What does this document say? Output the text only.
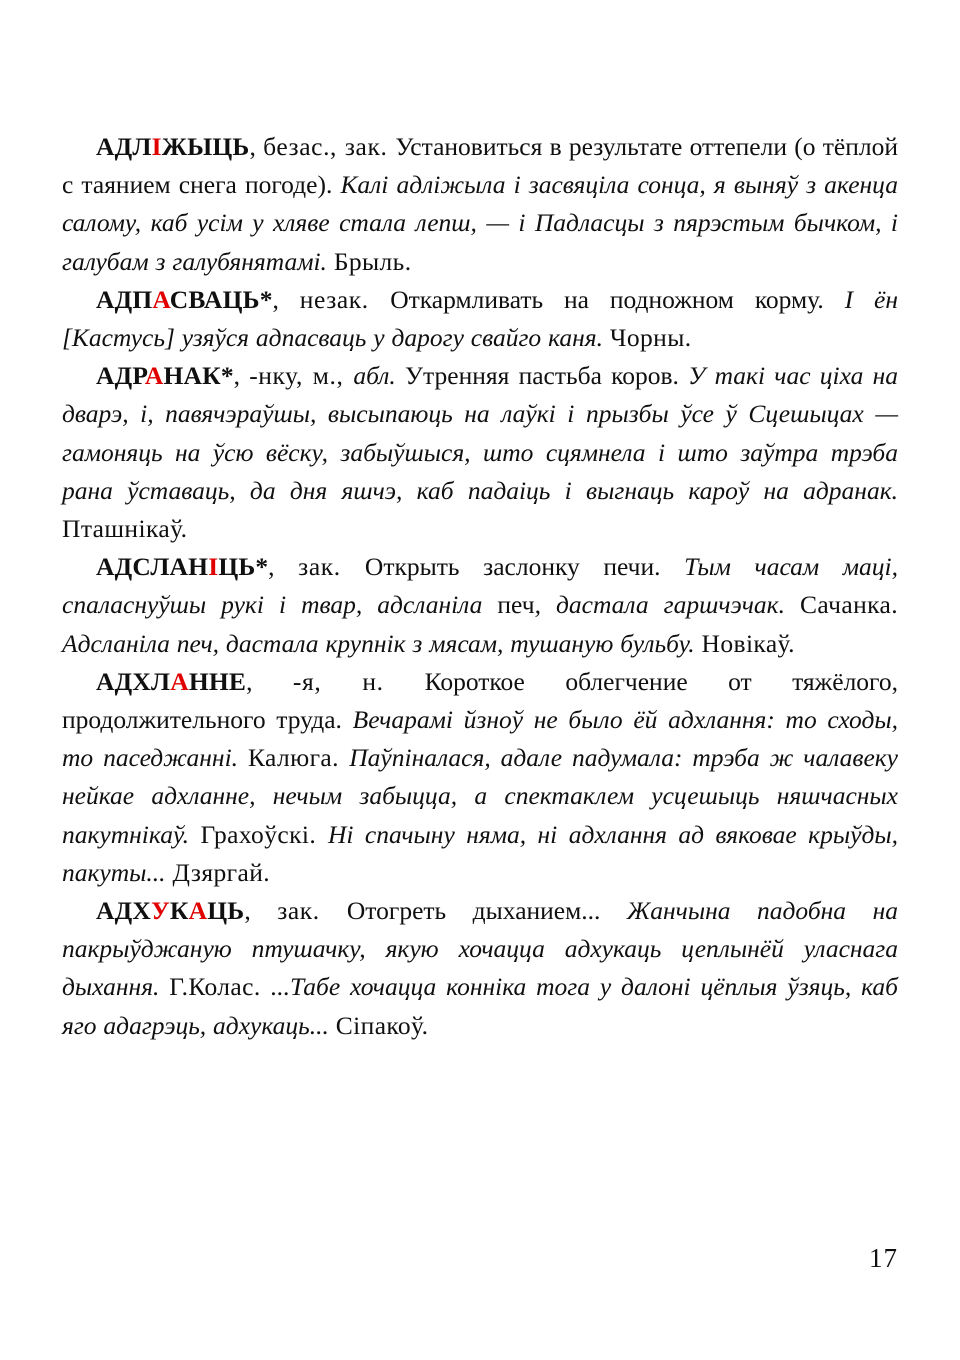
АДЛІЖЫЦЬ, безас., зак. Установиться в результате оттепели (о тёплой с таянием снега погоде). Калі адліжыла і засвяціла сонца, я выняў з акенца саломy, каб усім у хляве стала лепш, — і Падласцы з пярэстым бычком, і галубам з галубянятамі. Брыль.

АДПАСВАЦЬ*, незак. Откармливать на подножном корму. І ён [Кастусь] узяўся адпасваць у дарогу свайго каня. Чорны.

АДРАНАК*, -нку, м., абл. Утренняя пастьба коров. У такі час ціха на дварэ, і, павячэраўшы, высыпаюць на лаўкі і прызбы ўсе ў Сцешыцах — гамоняць на ўсю вёску, забыўшыся, што сцямнела і што заўтра трэба рана ўставаць, да дня яшчэ, каб падаіць і выгнаць кароў на адранак. Пташнікаў.

АДСЛАНІЦЬ*, зак. Открыть заслонку печи. Тым часам маці, спаласнуўшы рукі і твар, адсланіла печ, дастала гаршчэчак. Сачанка. Адсланіла печ, дастала крупнік з мясам, тушаную бульбу. Новікаў.

АДХЛАННЕ, -я, н. Короткое облегчение от тяжёлого, продолжительного труда. Вечарамі йзноў не было ёй адхлання: то сходы, то паседжанні. Калюга. Паўпіналася, адале падумала: трэба ж чалавеку нейкае адхланне, нечым забыцца, а спектаклем усцешыць няшчасных пакутнікаў. Грахоўскі. Ні спачыну няма, ні адхлання ад вяковае крыўды, пакуты... Дзяргай.

АДХУКАЦЬ, зак. Отогреть дыханием... Жанчына падобна на пакрыўджаную птушачку, якую хочацца адхукаць цеплынёй уласнага дыхання. Г.Колас. ...Табе хочацца конніка тога у далоні цёплыя ўзяць, каб яго адагрэць, адхукаць... Сіпакоў.

17
